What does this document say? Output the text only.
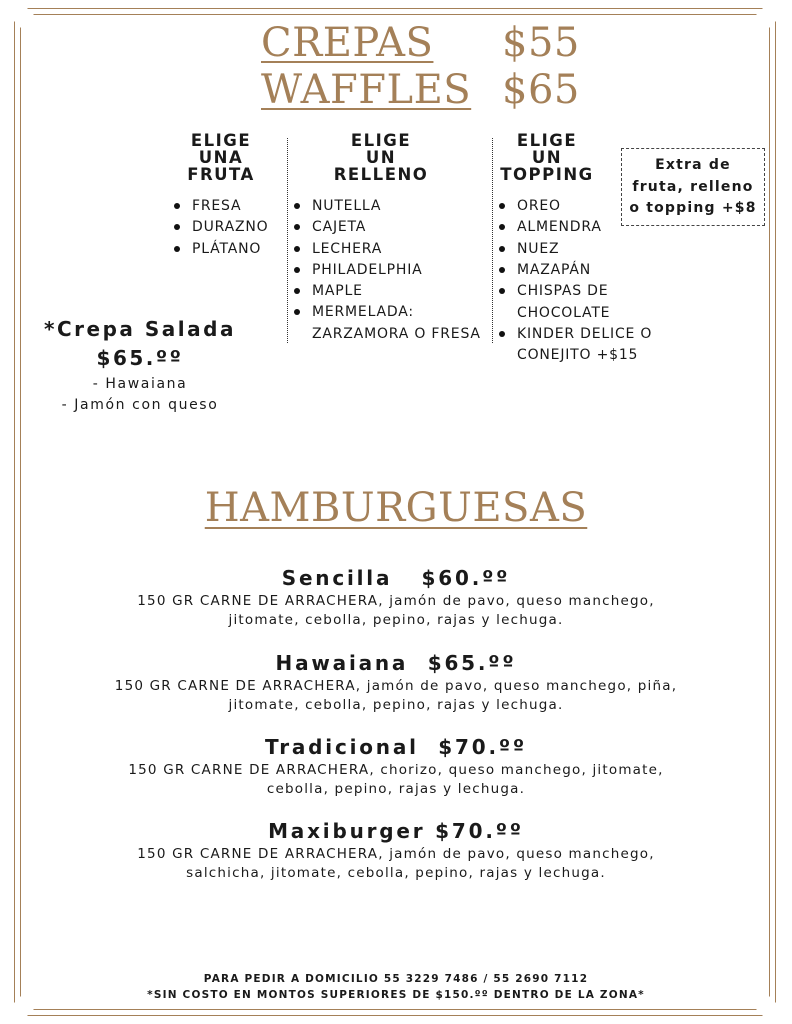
CREPAS $55
WAFFLES $65
ELIGE
UNA
FRUTA
FRESA
DURAZNO
PLÁTANO
ELIGE
UN
RELLENO
NUTELLA
CAJETA
LECHERA
PHILADELPHIA
MAPLE
MERMELADA:
ZARZAMORA O FRESA
ELIGE
UN
TOPPING
OREO
ALMENDRA
NUEZ
MAZAPÁN
CHISPAS DE
CHOCOLATE
KINDER DELICE O
CONEJITO +$15
Extra de
fruta, relleno
o topping +$8
*Crepa Salada
$65.ºº
- Hawaiana
- Jamón con queso
HAMBURGUESAS
Sencilla   $60.ºº
150 GR CARNE DE ARRACHERA, jamón de pavo, queso manchego,
jitomate, cebolla, pepino, rajas y lechuga.
Hawaiana  $65.ºº
150 GR CARNE DE ARRACHERA, jamón de pavo, queso manchego, piña,
jitomate, cebolla, pepino, rajas y lechuga.
Tradicional  $70.ºº
150 GR CARNE DE ARRACHERA, chorizo, queso manchego, jitomate,
cebolla, pepino, rajas y lechuga.
Maxiburger $70.ºº
150 GR CARNE DE ARRACHERA, jamón de pavo, queso manchego,
salchicha, jitomate, cebolla, pepino, rajas y lechuga.
PARA PEDIR A DOMICILIO 55 3229 7486 / 55 2690 7112
*SIN COSTO EN MONTOS SUPERIORES DE $150.ºº DENTRO DE LA ZONA*
